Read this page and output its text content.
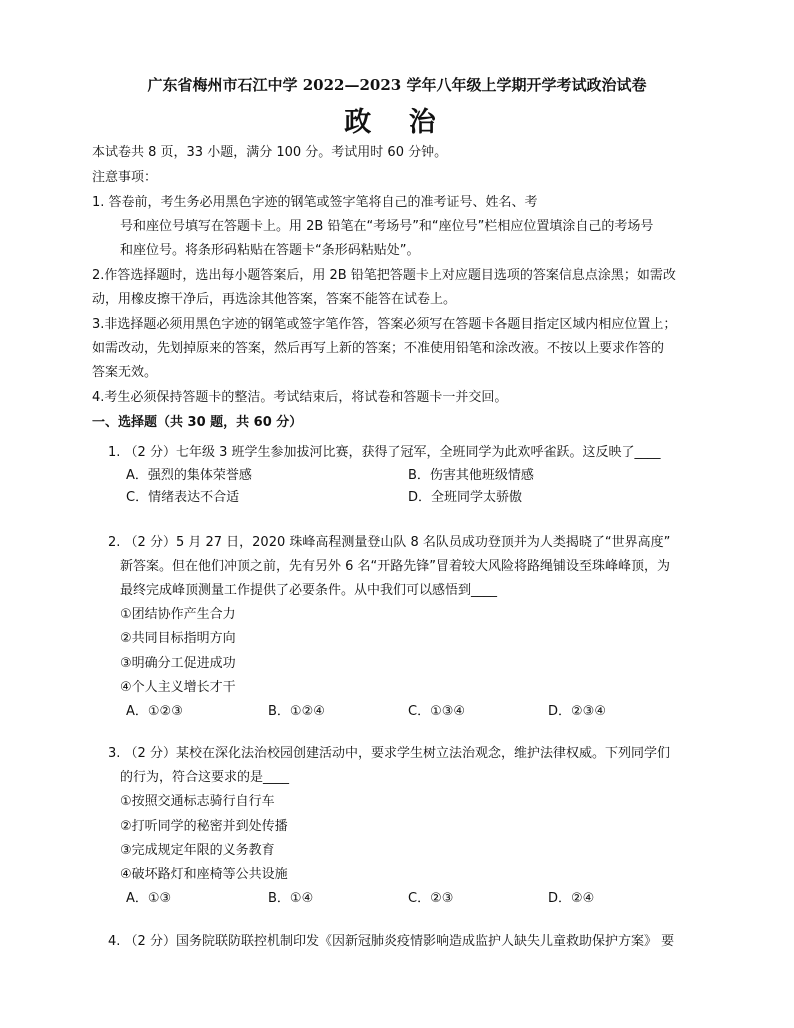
广东省梅州市石江中学 2022—2023 学年八年级上学期开学考试政治试卷
政 治
本试卷共 8 页，33 小题，满分 100 分。考试用时 60 分钟。
注意事项：
1. 答卷前，考生务必用黑色字迹的钢笔或签字笔将自己的准考证号、姓名、考
号和座位号填写在答题卡上。用 2B 铅笔在“考场号”和“座位号”栏相应位置填涂自己的考场号
和座位号。将条形码粘贴在答题卡“条形码粘贴处”。
2.作答选择题时，选出每小题答案后，用 2B 铅笔把答题卡上对应题目选项的答案信息点涂黑；如需改
动，用橡皮擦干净后，再选涂其他答案，答案不能答在试卷上。
3.非选择题必须用黑色字迹的钢笔或签字笔作答，答案必须写在答题卡各题目指定区域内相应位置上；
如需改动，先划掉原来的答案，然后再写上新的答案；不准使用铅笔和涂改液。不按以上要求作答的
答案无效。
4.考生必须保持答题卡的整洁。考试结束后，将试卷和答题卡一并交回。
一、选择题（共 30 题，共 60 分）
1. （2 分）七年级 3 班学生参加拔河比赛，获得了冠军，全班同学为此欢呼雀跃。这反映了____
A．强烈的集体荣誉感	B．伤害其他班级情感
C．情绪表达不合适	D．全班同学太骄傲
2. （2 分）5 月 27 日，2020 珠峰高程测量登山队 8 名队员成功登顶并为人类揭晓了“世界高度”
新答案。但在他们冲顶之前，先有另外 6 名“开路先锋”冒着较大风险将路绳铺设至珠峰峰顶，为
最终完成峰顶测量工作提供了必要条件。从中我们可以感悟到____
①团结协作产生合力
②共同目标指明方向
③明确分工促进成功
④个人主义增长才干
A．①②③	B．①②④	C．①③④	D．②③④
3. （2 分）某校在深化法治校园创建活动中，要求学生树立法治观念，维护法律权威。下列同学们
的行为，符合这要求的是____
①按照交通标志骑行自行车
②打听同学的秘密并到处传播
③完成规定年限的义务教育
④破坏路灯和座椅等公共设施
A．①③	B．①④	C．②③	D．②④
4. （2 分）国务院联防联控机制印发《因新冠肺炎疫情影响造成监护人缺失儿童救助保护方案》 要
